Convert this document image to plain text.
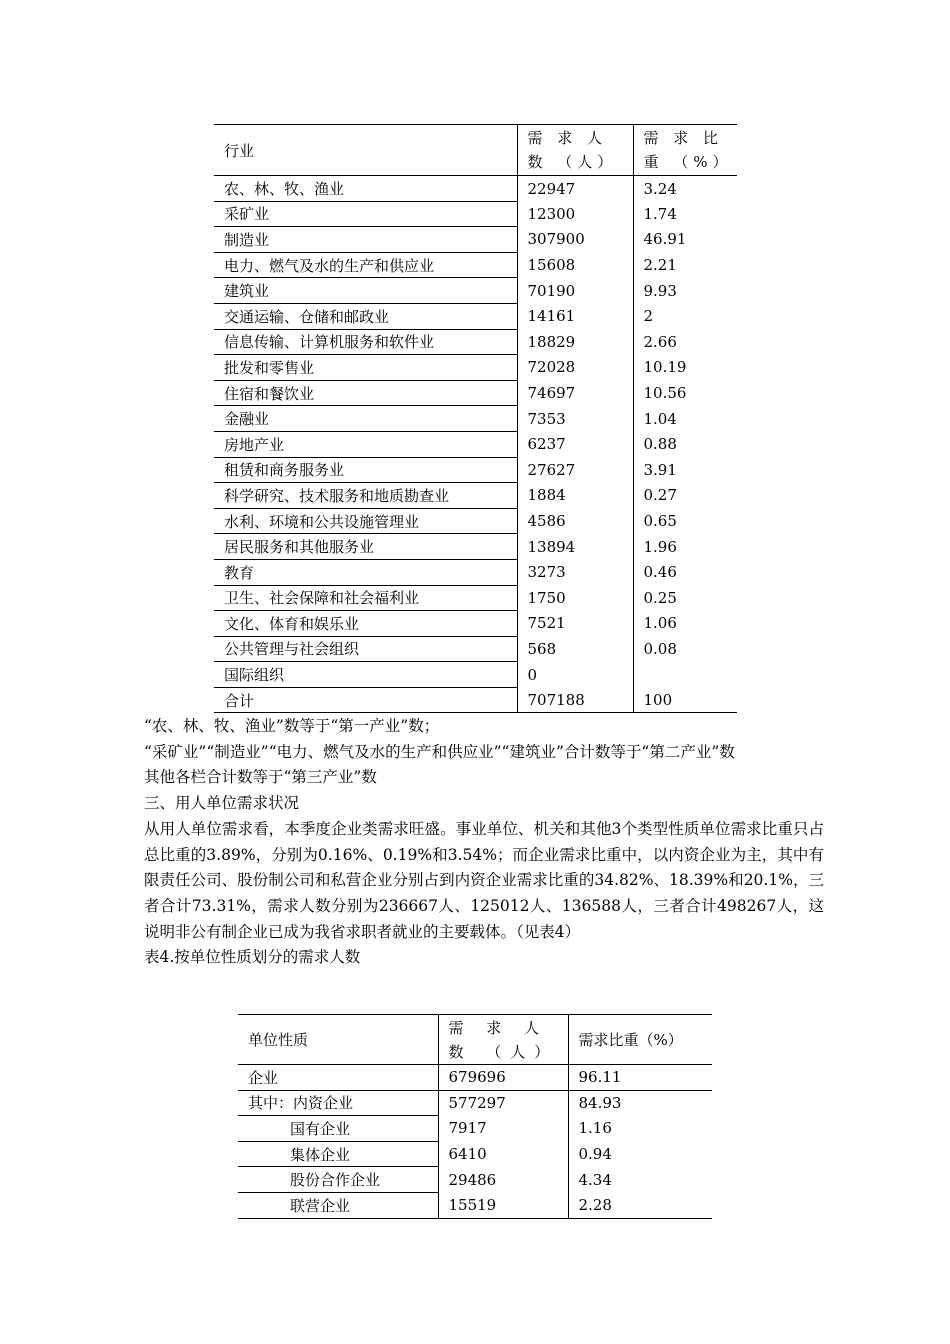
行业	需 求 人 数 （人）	需 求 比 重 （%）
农、林、牧、渔业	22947	3.24
采矿业	12300	1.74
制造业	307900	46.91
电力、燃气及水的生产和供应业	15608	2.21
建筑业	70190	9.93
交通运输、仓储和邮政业	14161	2
信息传输、计算机服务和软件业	18829	2.66
批发和零售业	72028	10.19
住宿和餐饮业	74697	10.56
金融业	7353	1.04
房地产业	6237	0.88
租赁和商务服务业	27627	3.91
科学研究、技术服务和地质勘查业	1884	0.27
水利、环境和公共设施管理业	4586	0.65
居民服务和其他服务业	13894	1.96
教育	3273	0.46
卫生、社会保障和社会福利业	1750	0.25
文化、体育和娱乐业	7521	1.06
公共管理与社会组织	568	0.08
国际组织	0	
合计	707188	100

“农、林、牧、渔业”数等于“第一产业”数；

“采矿业”“制造业”“电力、燃气及水的生产和供应业”“建筑业”合计数等于“第二产业”数

其他各栏合计数等于“第三产业”数

三、用人单位需求状况

从用人单位需求看，本季度企业类需求旺盛。事业单位、机关和其他3个类型性质单位需求比重只占总比重的3.89%，分别为0.16%、0.19%和3.54%；而企业需求比重中，以内资企业为主，其中有限责任公司、股份制公司和私营企业分别占到内资企业需求比重的34.82%、18.39%和20.1%，三者合计73.31%，需求人数分别为236667人、125012人、136588人，三者合计498267人，这说明非公有制企业已成为我省求职者就业的主要载体。（见表4）

表4.按单位性质划分的需求人数

单位性质	需 求 人 数 （人）	需求比重（%）
企业	679696	96.11
其中：内资企业	577297	84.93
国有企业	7917	1.16
集体企业	6410	0.94
股份合作企业	29486	4.34
联营企业	15519	2.28
